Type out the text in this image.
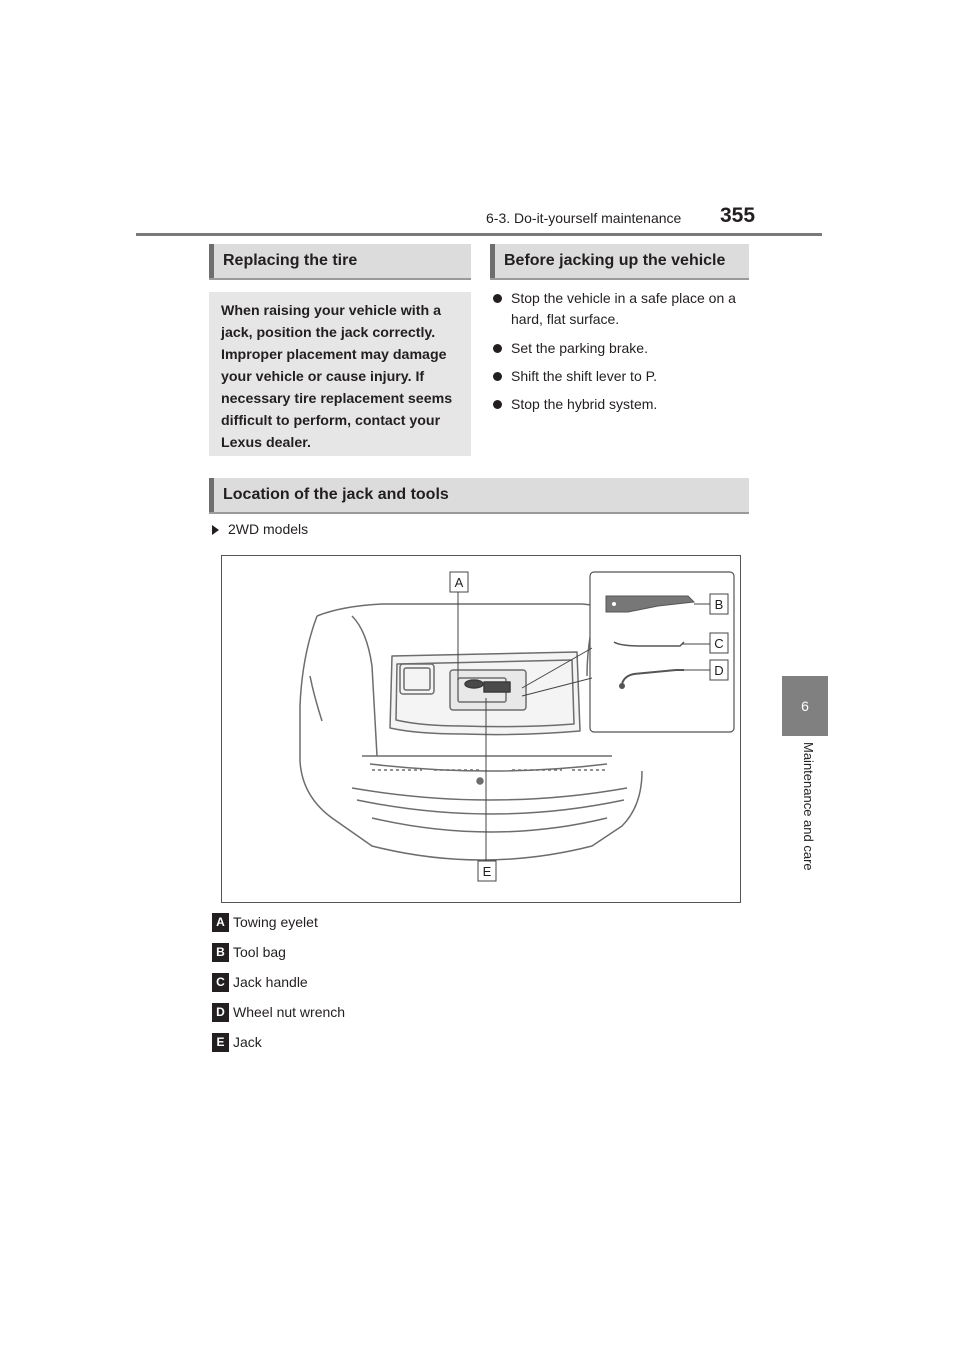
6-3. Do-it-yourself maintenance 355
6
Maintenance and care
Replacing the tire
When raising your vehicle with a jack, position the jack correctly. Improper placement may damage your vehicle or cause injury. If necessary tire replacement seems difficult to perform, contact your Lexus dealer.
Before jacking up the vehicle
Stop the vehicle in a safe place on a hard, flat surface.
Set the parking brake.
Shift the shift lever to P.
Stop the hybrid system.
Location of the jack and tools
2WD models
A
B
C
D
E
A Towing eyelet
B Tool bag
C Jack handle
D Wheel nut wrench
E Jack
